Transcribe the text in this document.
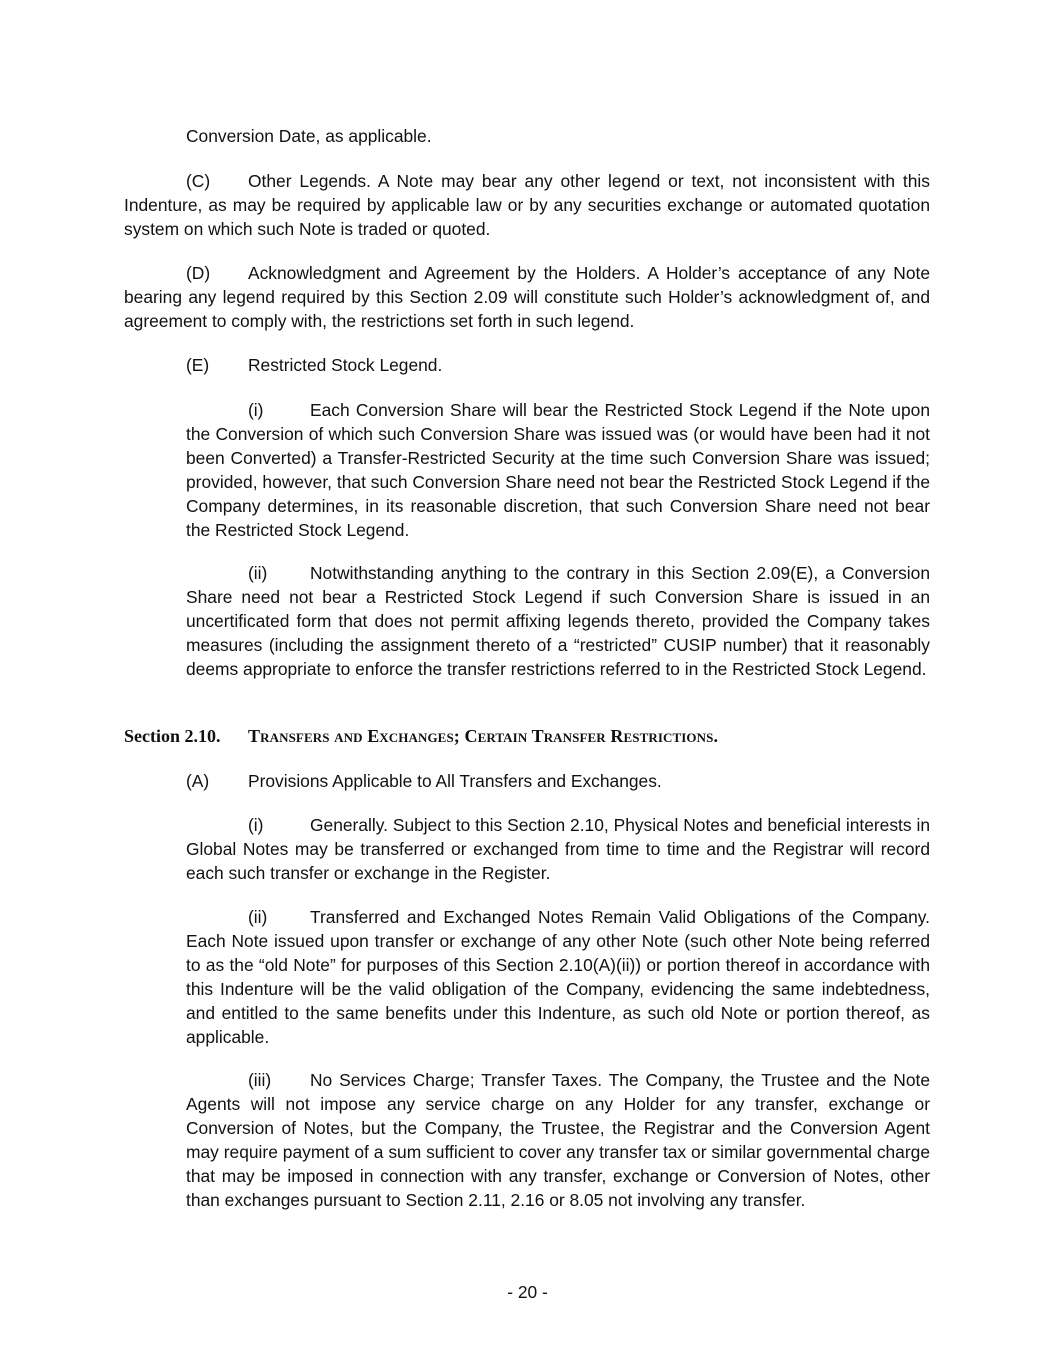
Conversion Date, as applicable.
(C) Other Legends. A Note may bear any other legend or text, not inconsistent with this Indenture, as may be required by applicable law or by any securities exchange or automated quotation system on which such Note is traded or quoted.
(D) Acknowledgment and Agreement by the Holders. A Holder’s acceptance of any Note bearing any legend required by this Section 2.09 will constitute such Holder’s acknowledgment of, and agreement to comply with, the restrictions set forth in such legend.
(E) Restricted Stock Legend.
(i)	Each Conversion Share will bear the Restricted Stock Legend if the Note upon the Conversion of which such Conversion Share was issued was (or would have been had it not been Converted) a Transfer-Restricted Security at the time such Conversion Share was issued; provided, however, that such Conversion Share need not bear the Restricted Stock Legend if the Company determines, in its reasonable discretion, that such Conversion Share need not bear the Restricted Stock Legend.
(ii) Notwithstanding anything to the contrary in this Section 2.09(E), a Conversion Share need not bear a Restricted Stock Legend if such Conversion Share is issued in an uncertificated form that does not permit affixing legends thereto, provided the Company takes measures (including the assignment thereto of a “restricted” CUSIP number) that it reasonably deems appropriate to enforce the transfer restrictions referred to in the Restricted Stock Legend.
Section 2.10. Transfers and Exchanges; Certain Transfer Restrictions.
(A) Provisions Applicable to All Transfers and Exchanges.
(i)	Generally. Subject to this Section 2.10, Physical Notes and beneficial interests in Global Notes may be transferred or exchanged from time to time and the Registrar will record each such transfer or exchange in the Register.
(ii) Transferred and Exchanged Notes Remain Valid Obligations of the Company. Each Note issued upon transfer or exchange of any other Note (such other Note being referred to as the “old Note” for purposes of this Section 2.10(A)(ii)) or portion thereof in accordance with this Indenture will be the valid obligation of the Company, evidencing the same indebtedness, and entitled to the same benefits under this Indenture, as such old Note or portion thereof, as applicable.
(iii) No Services Charge; Transfer Taxes. The Company, the Trustee and the Note Agents will not impose any service charge on any Holder for any transfer, exchange or Conversion of Notes, but the Company, the Trustee, the Registrar and the Conversion Agent may require payment of a sum sufficient to cover any transfer tax or similar governmental charge that may be imposed in connection with any transfer, exchange or Conversion of Notes, other than exchanges pursuant to Section 2.11, 2.16 or 8.05 not involving any transfer.
- 20 -
